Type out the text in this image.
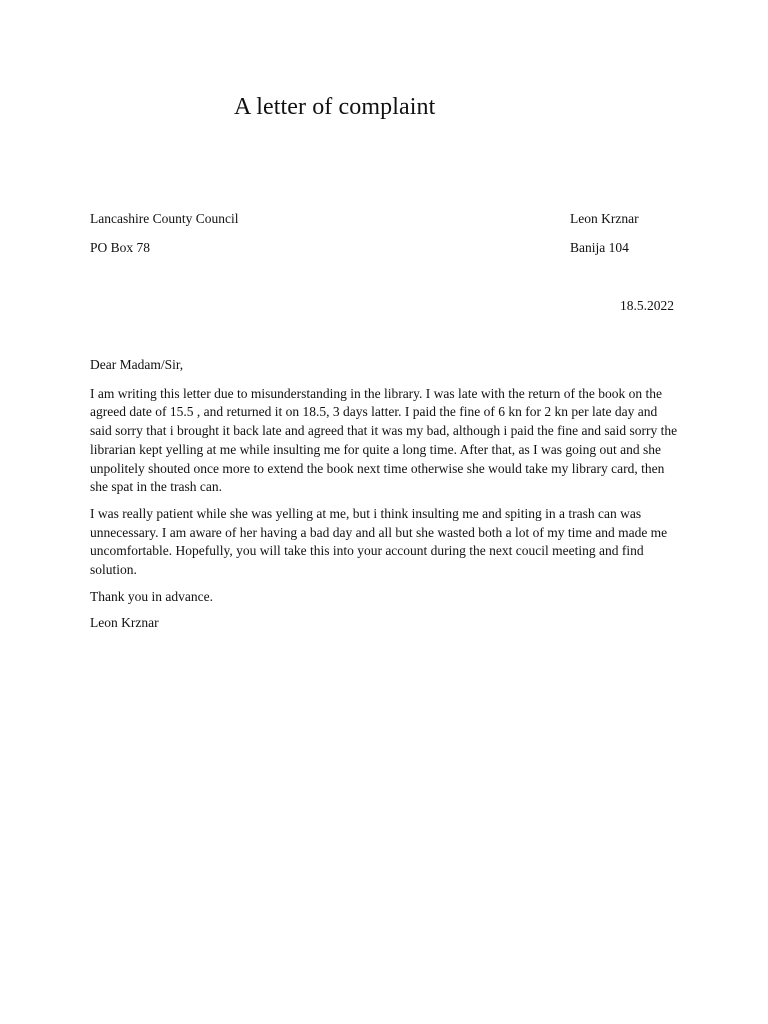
A letter of complaint
Lancashire County Council
PO Box 78
Leon Krznar
Banija 104
18.5.2022

Dear Madam/Sir,

I am writing this letter due to misunderstanding in the library. I was late with the return of the book on the agreed date of 15.5 , and returned it on 18.5, 3 days latter. I paid the fine of 6 kn for 2 kn per late day and said sorry that i brought it back late and agreed that it was my bad, although i paid the fine and said sorry the librarian kept yelling at me while insulting me for quite a long time. After that, as I was going out and she unpolitely shouted once more to extend the book next time otherwise she would take my library card, then she spat in the trash can.

I was really patient while she was yelling at me, but i think insulting me and spiting in a trash can was unnecessary. I am aware of her having a bad day and all but she wasted both a lot of my time and made me uncomfortable. Hopefully, you will take this into your account during the next coucil meeting and find solution.

Thank you in advance.

Leon Krznar
